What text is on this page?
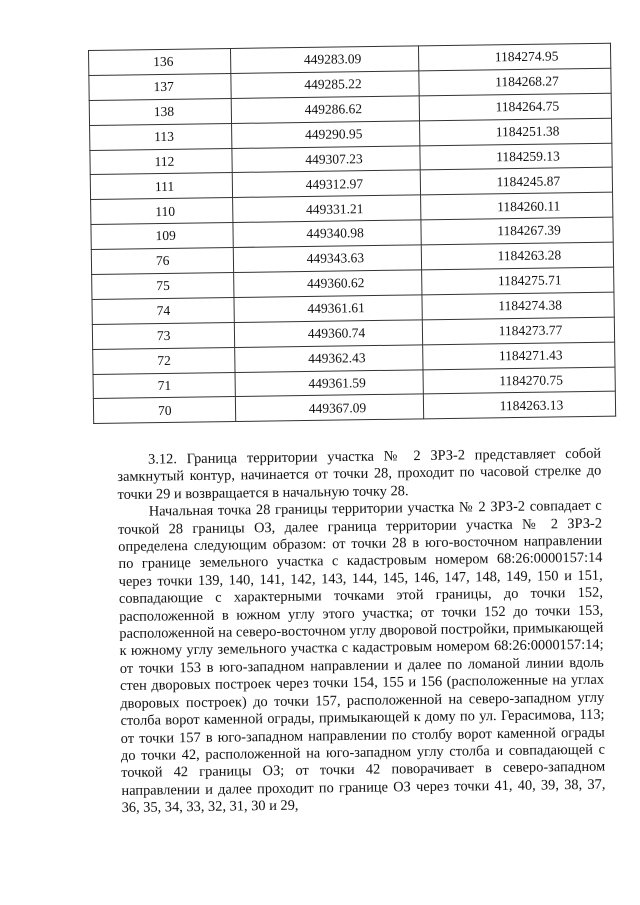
136	449283.09	1184274.95
137	449285.22	1184268.27
138	449286.62	1184264.75
113	449290.95	1184251.38
112	449307.23	1184259.13
111	449312.97	1184245.87
110	449331.21	1184260.11
109	449340.98	1184267.39
76	449343.63	1184263.28
75	449360.62	1184275.71
74	449361.61	1184274.38
73	449360.74	1184273.77
72	449362.43	1184271.43
71	449361.59	1184270.75
70	449367.09	1184263.13

3.12. Граница территории участка № 2 ЗРЗ-2 представляет собой замкнутый контур, начинается от точки 28, проходит по часовой стрелке до точки 29 и возвращается в начальную точку 28.

Начальная точка 28 границы территории участка № 2 ЗРЗ-2 совпадает с точкой 28 границы ОЗ, далее граница территории участка № 2 ЗРЗ-2 определена следующим образом: от точки 28 в юго-восточном направлении по границе земельного участка с кадастровым номером 68:26:0000157:14 через точки 139, 140, 141, 142, 143, 144, 145, 146, 147, 148, 149, 150 и 151, совпадающие с характерными точками этой границы, до точки 152, расположенной в южном углу этого участка; от точки 152 до точки 153, расположенной на северо-восточном углу дворовой постройки, примыкающей к южному углу земельного участка с кадастровым номером 68:26:0000157:14; от точки 153 в юго-западном направлении и далее по ломаной линии вдоль стен дворовых построек через точки 154, 155 и 156 (расположенные на углах дворовых построек) до точки 157, расположенной на северо-западном углу столба ворот каменной ограды, примыкающей к дому по ул. Герасимова, 113; от точки 157 в юго-западном направлении по столбу ворот каменной ограды до точки 42, расположенной на юго-западном углу столба и совпадающей с точкой 42 границы ОЗ; от точки 42 поворачивает в северо-западном направлении и далее проходит по границе ОЗ через точки 41, 40, 39, 38, 37, 36, 35, 34, 33, 32, 31, 30 и 29,
